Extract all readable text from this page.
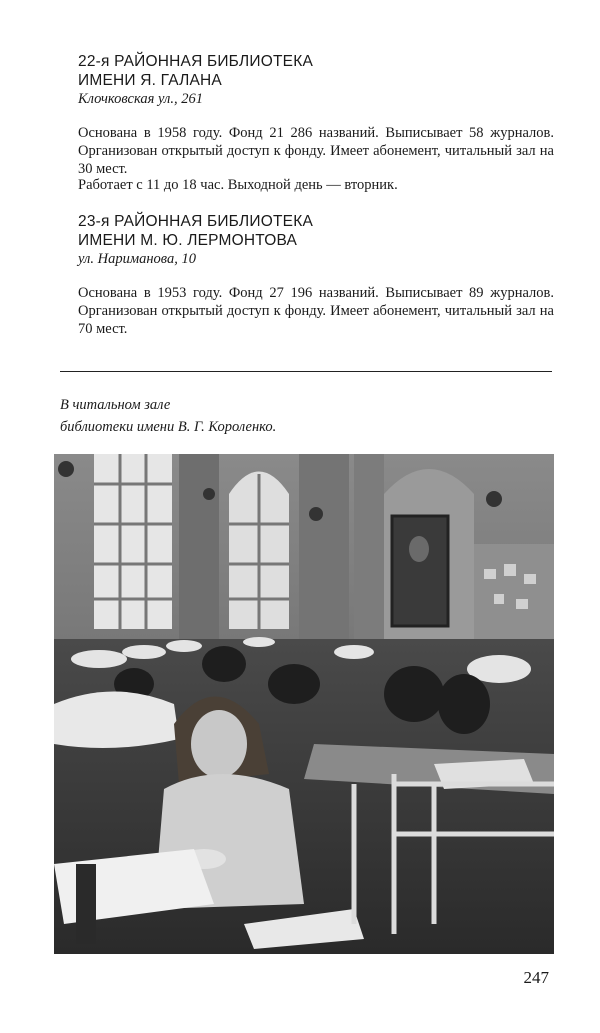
22-я РАЙОННАЯ БИБЛИОТЕКА
ИМЕНИ Я. ГАЛАНА
Клочковская ул., 261

Основана в 1958 году. Фонд 21 286 названий. Выписывает 58 журналов. Организован открытый доступ к фонду. Имеет абонемент, читальный зал на 30 мест.

Работает с 11 до 18 час. Выходной день — вторник.

23-я РАЙОННАЯ БИБЛИОТЕКА
ИМЕНИ М. Ю. ЛЕРМОНТОВА
ул. Нариманова, 10

Основана в 1953 году. Фонд 27 196 названий. Выписывает 89 журналов. Организован открытый доступ к фонду. Имеет абонемент, читальный зал на 70 мест.

В читальном зале
библиотеки имени В. Г. Короленко.
247
